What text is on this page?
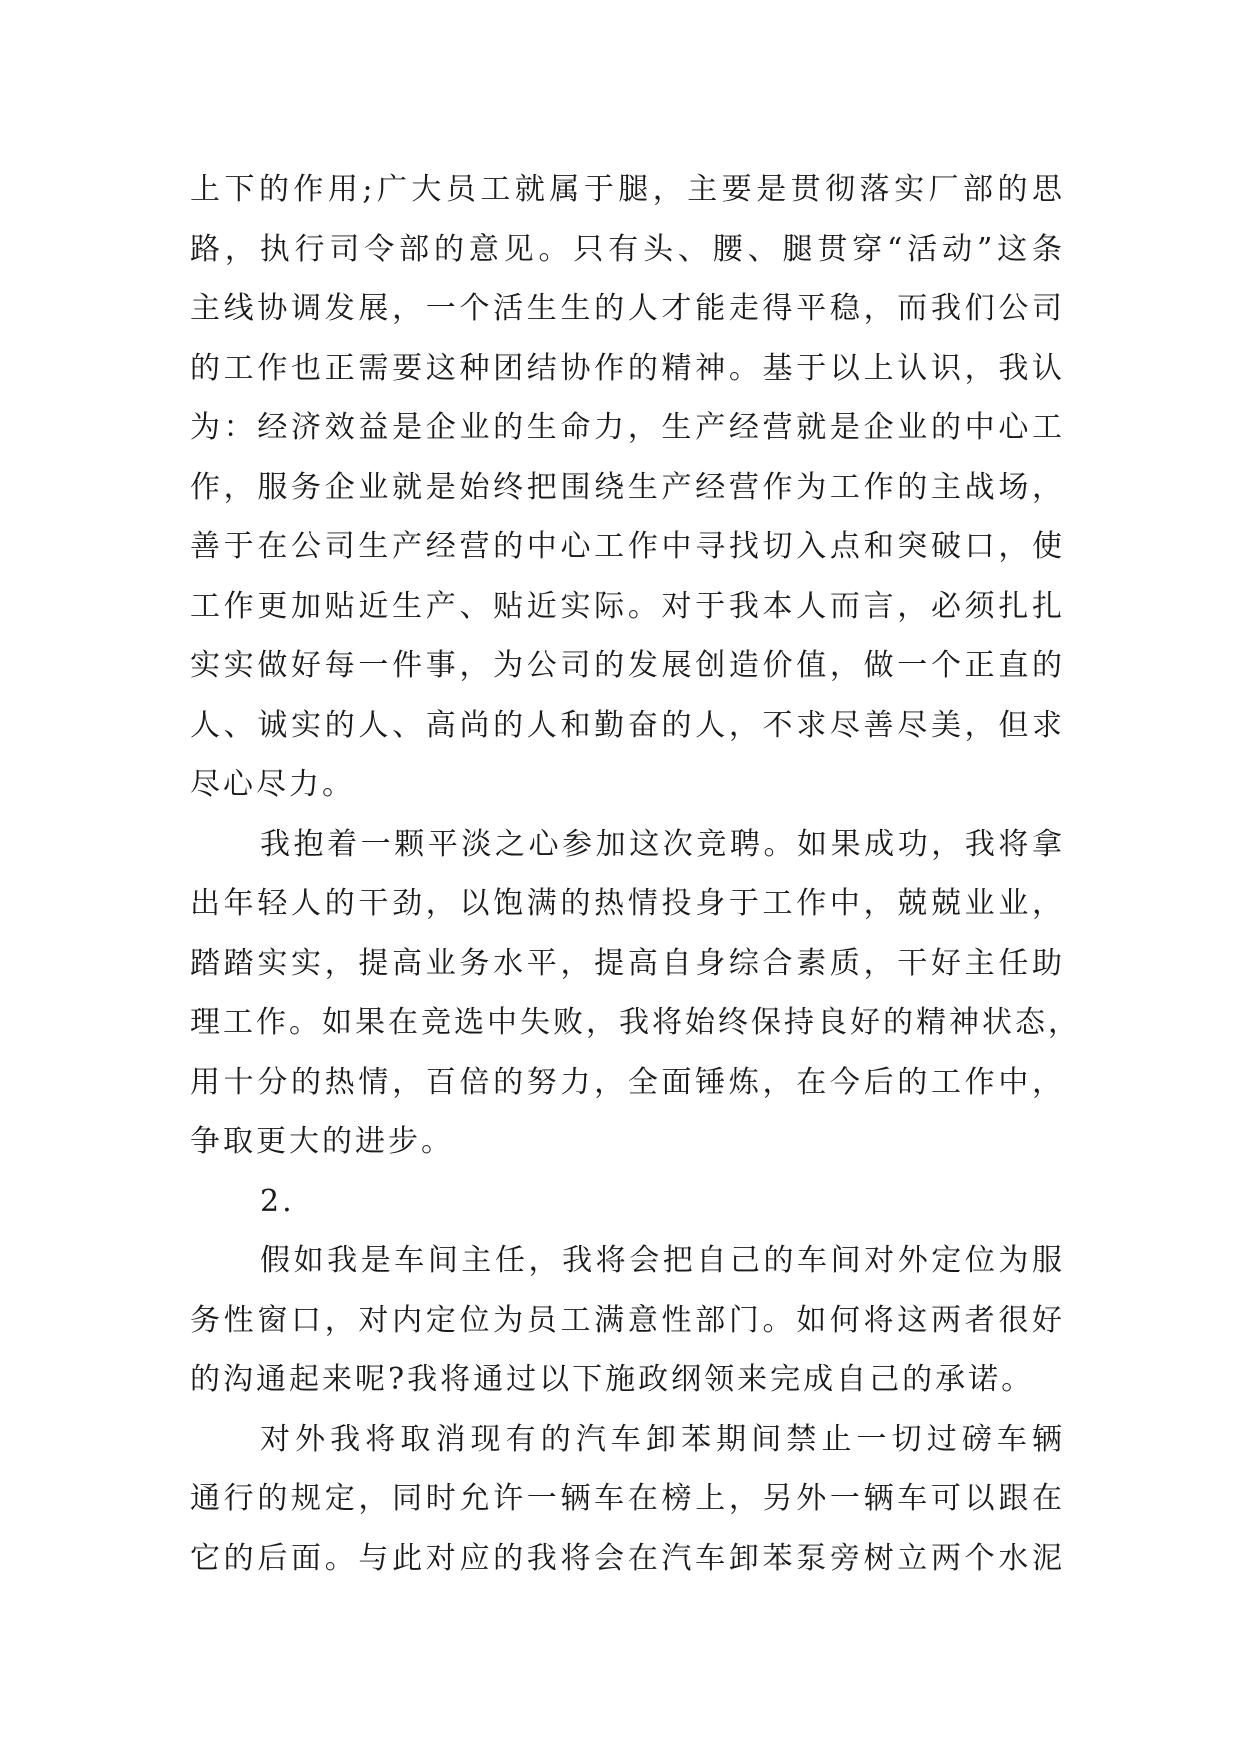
上下的作用;广大员工就属于腿，主要是贯彻落实厂部的思
路，执行司令部的意见。只有头、腰、腿贯穿“活动”这条
主线协调发展，一个活生生的人才能走得平稳，而我们公司
的工作也正需要这种团结协作的精神。基于以上认识，我认
为：经济效益是企业的生命力，生产经营就是企业的中心工
作，服务企业就是始终把围绕生产经营作为工作的主战场，
善于在公司生产经营的中心工作中寻找切入点和突破口，使
工作更加贴近生产、贴近实际。对于我本人而言，必须扎扎
实实做好每一件事，为公司的发展创造价值，做一个正直的
人、诚实的人、高尚的人和勤奋的人，不求尽善尽美，但求
尽心尽力。
我抱着一颗平淡之心参加这次竞聘。如果成功，我将拿
出年轻人的干劲，以饱满的热情投身于工作中，兢兢业业，
踏踏实实，提高业务水平，提高自身综合素质，干好主任助
理工作。如果在竞选中失败，我将始终保持良好的精神状态，
用十分的热情，百倍的努力，全面锤炼，在今后的工作中，
争取更大的进步。
2.
假如我是车间主任，我将会把自己的车间对外定位为服
务性窗口，对内定位为员工满意性部门。如何将这两者很好
的沟通起来呢?我将通过以下施政纲领来完成自己的承诺。
对外我将取消现有的汽车卸苯期间禁止一切过磅车辆
通行的规定，同时允许一辆车在榜上，另外一辆车可以跟在
它的后面。与此对应的我将会在汽车卸苯泵旁树立两个水泥
